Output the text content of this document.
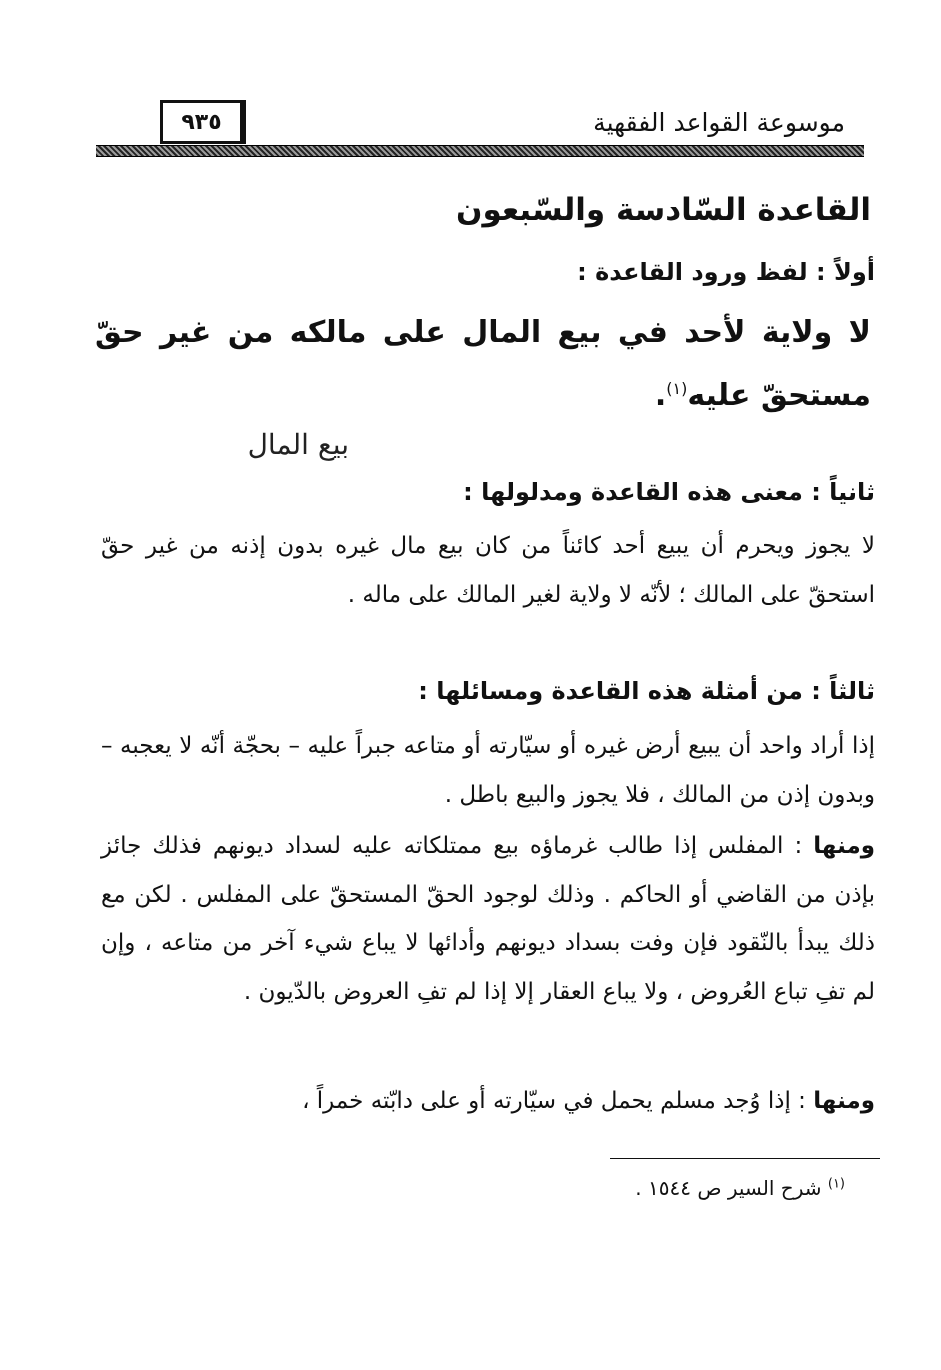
موسوعة القواعد الفقهية
٩٣٥
القاعدة السّادسة والسّبعون
أولاً : لفظ ورود القاعدة :
لا ولاية لأحد في بيع المال على مالكه من غير حقّ مستحقّ عليه$^{(١)}$.
بيع المال
ثانياً : معنى هذه القاعدة ومدلولها :
لا يجوز ويحرم أن يبيع أحد كائناً من كان بيع مال غيره بدون إذنه من غير حقّ استحقّ على المالك ؛ لأنّه لا ولاية لغير المالك على ماله .
ثالثاً : من أمثلة هذه القاعدة ومسائلها :
إذا أراد واحد أن يبيع أرض غيره أو سيّارته أو متاعه جبراً عليه – بحجّة أنّه لا يعجبه – وبدون إذن من المالك ، فلا يجوز والبيع باطل .
ومنها : المفلس إذا طالب غرماؤه بيع ممتلكاته عليه لسداد ديونهم فذلك جائز بإذن من القاضي أو الحاكم . وذلك لوجود الحقّ المستحقّ على المفلس . لكن مع ذلك يبدأ بالنّقود فإن وفت بسداد ديونهم وأدائها لا يباع شيء آخر من متاعه ، وإن لم تفِ تباع العُروض ، ولا يباع العقار إلا إذا لم تفِ العروض بالدّيون .
ومنها : إذا وُجد مسلم يحمل في سيّارته أو على دابّته خمراً ،
$^{(١)}$ شرح السير ص ١٥٤٤ .
